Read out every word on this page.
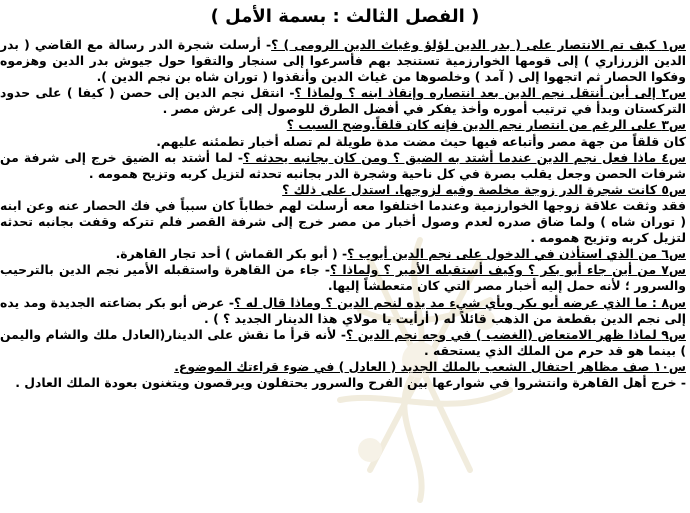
( الفصل الثالث : بسمة الأمل )

س١ كيف تم الانتصار على ( بدر الدين لؤلؤ وغياث الدين الرومى ) ؟- أرسلت شجرة الدر رسالة مع القاضي ( بدر الدين الزرزاري ) إلى قومها الخوارزمية تستنجد بهم فأسرعوا إلى سنجار والتقوا حول جيوش بدر الدين وهزموه وفكوا الحصار ثم اتجهوا إلى ( آمد ) وخلصوها من غياث الدين وأنقذوا ( توران شاه بن نجم الدين ).

س٢ إلى أين أنتقل نجم الدين بعد انتصاره وإنقاذ ابنه ؟ ولماذا ؟- انتقل نجم الدين إلى حصن ( كيفا ) على حدود التركستان وبدأ في ترتيب أموره وأخذ يفكر في أفضل الطرق للوصول إلى عرش مصر .

س٣ على الرغم من انتصار نجم الدين فإنه كان قلقاً.وضح السبب ؟
كان قلقاً من جهة مصر وأتباعه فيها حيث مضت مدة طويلة لم تصله أخبار تطمئنه عليهم.

س٤ ماذا فعل نجم الدين عندما أشتد به الضيق ؟ ومن كان بجانبه يحدثه ؟- لما أشتد به الضيق خرج إلى شرفة من شرفات الحصن وجعل يقلب بصرة في كل ناحية وشجرة الدر بجانبه تحدثه لتزيل كربه وتزيح همومه .

س٥ كانت شجرة الدر زوجة مخلصة وفيه لزوجها. استدل على ذلك ؟
فقد وثقت علاقة زوجها الخوارزمية وعندما اختلفوا معه أرسلت لهم خطاباً كان سبباً في فك الحصار عنه وعن ابنه ( توران شاه ) ولما ضاق صدره لعدم وصول أخبار من مصر خرج إلى شرفة القصر فلم تتركه وقفت بجانبه تحدثه لتزيل كربه وتزيح همومه .

س٦ من الذي استأذن في الدخول على نجم الدين أيوب ؟- ( أبو بكر القماش ) أحد تجار القاهرة.

س٧ من أين جاء أبو بكر ؟ وكيف أستقبله الأمير ؟ ولماذا ؟- جاء من القاهرة واستقبله الأمير نجم الدين بالترحيب والسرور ؛ لأنه حمل إليه أخبار مصر التي كان متعطشاً إليها.

س٨ : ما الذي عرضه أبو بكر وبأي شيء مد يده لنجم الدين ؟ وماذا قال له ؟- عرض أبو بكر بضاعته الجديدة ومد يده إلى نجم الدين بقطعة من الذهب قائلاً له ( أرأيت يا مولاي هذا الدينار الجديد ؟ ) .

س٩ لماذا ظهر الامتعاض (الغضب ) في وجه نجم الدين ؟- لأنه قرأ ما نقش على الدينار(العادل ملك والشام واليمن ) بينما هو قد حرم من الملك الذي يستحقه .

س١٠ صف مظاهر احتفال الشعب بالملك الجديد ( العادل ) في ضوء قراءتك الموضوع.

- خرج أهل القاهرة وانتشروا في شوارعها بين الفرح والسرور يحتفلون ويرقصون ويتغنون بعودة الملك العادل .
